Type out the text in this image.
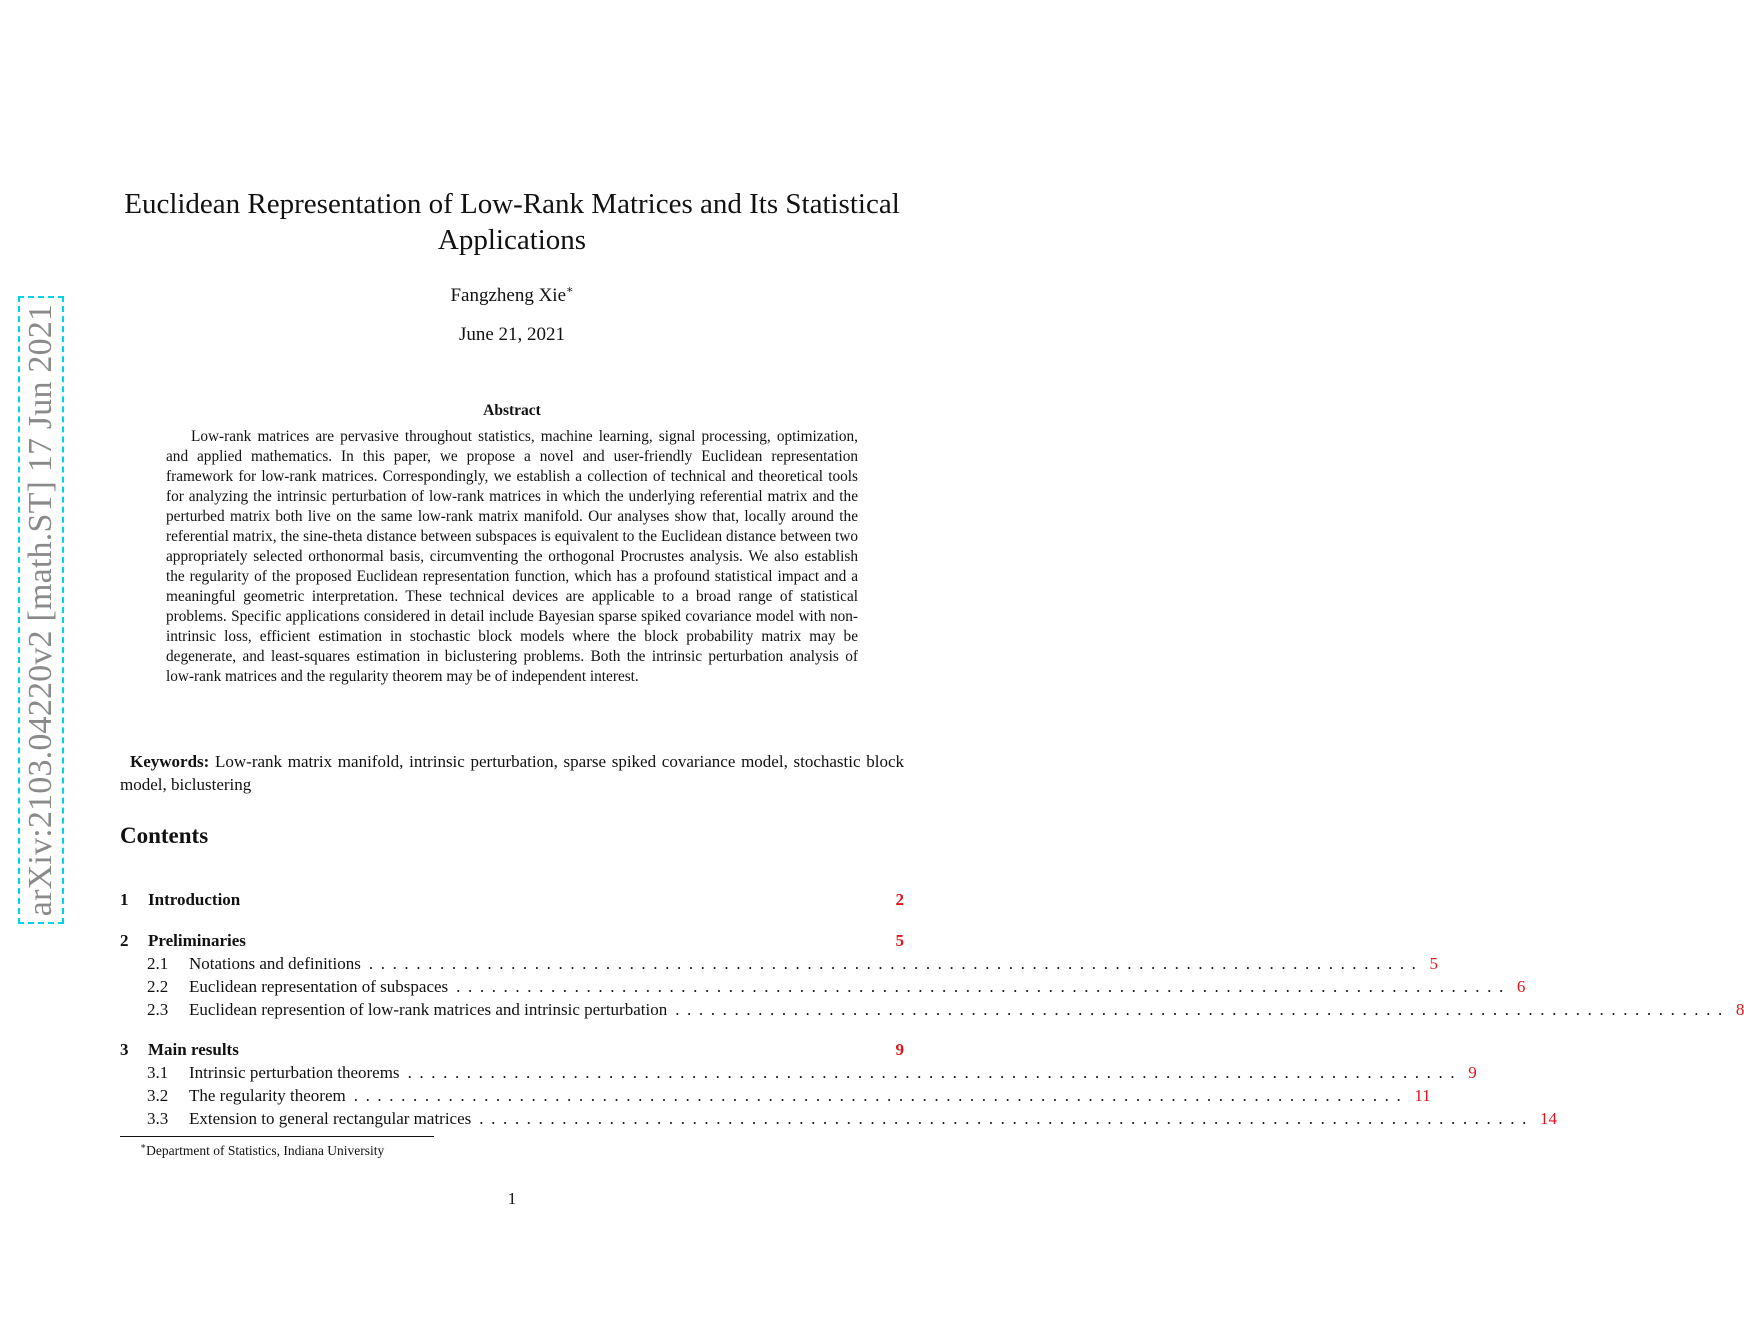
arXiv:2103.04220v2 [math.ST] 17 Jun 2021
Euclidean Representation of Low-Rank Matrices and Its Statistical Applications
Fangzheng Xie∗
June 21, 2021
Abstract

Low-rank matrices are pervasive throughout statistics, machine learning, signal processing, optimization, and applied mathematics. In this paper, we propose a novel and user-friendly Euclidean representation framework for low-rank matrices. Correspondingly, we establish a collection of technical and theoretical tools for analyzing the intrinsic perturbation of low-rank matrices in which the underlying referential matrix and the perturbed matrix both live on the same low-rank matrix manifold. Our analyses show that, locally around the referential matrix, the sine-theta distance between subspaces is equivalent to the Euclidean distance between two appropriately selected orthonormal basis, circumventing the orthogonal Procrustes analysis. We also establish the regularity of the proposed Euclidean representation function, which has a profound statistical impact and a meaningful geometric interpretation. These technical devices are applicable to a broad range of statistical problems. Specific applications considered in detail include Bayesian sparse spiked covariance model with non-intrinsic loss, efficient estimation in stochastic block models where the block probability matrix may be degenerate, and least-squares estimation in biclustering problems. Both the intrinsic perturbation analysis of low-rank matrices and the regularity theorem may be of independent interest.

Keywords: Low-rank matrix manifold, intrinsic perturbation, sparse spiked covariance model, stochastic block model, biclustering

Contents
1	Introduction	2
2	Preliminaries	5
2.1	Notations and definitions ......................................................................................... 5
2.2	Euclidean representation of subspaces ......................................................................................... 6
2.3	Euclidean represention of low-rank matrices and intrinsic perturbation ......................................................................................... 8
3	Main results	9
3.1	Intrinsic perturbation theorems ......................................................................................... 9
3.2	The regularity theorem ......................................................................................... 11
3.3	Extension to general rectangular matrices ......................................................................................... 14
∗Department of Statistics, Indiana University
1
